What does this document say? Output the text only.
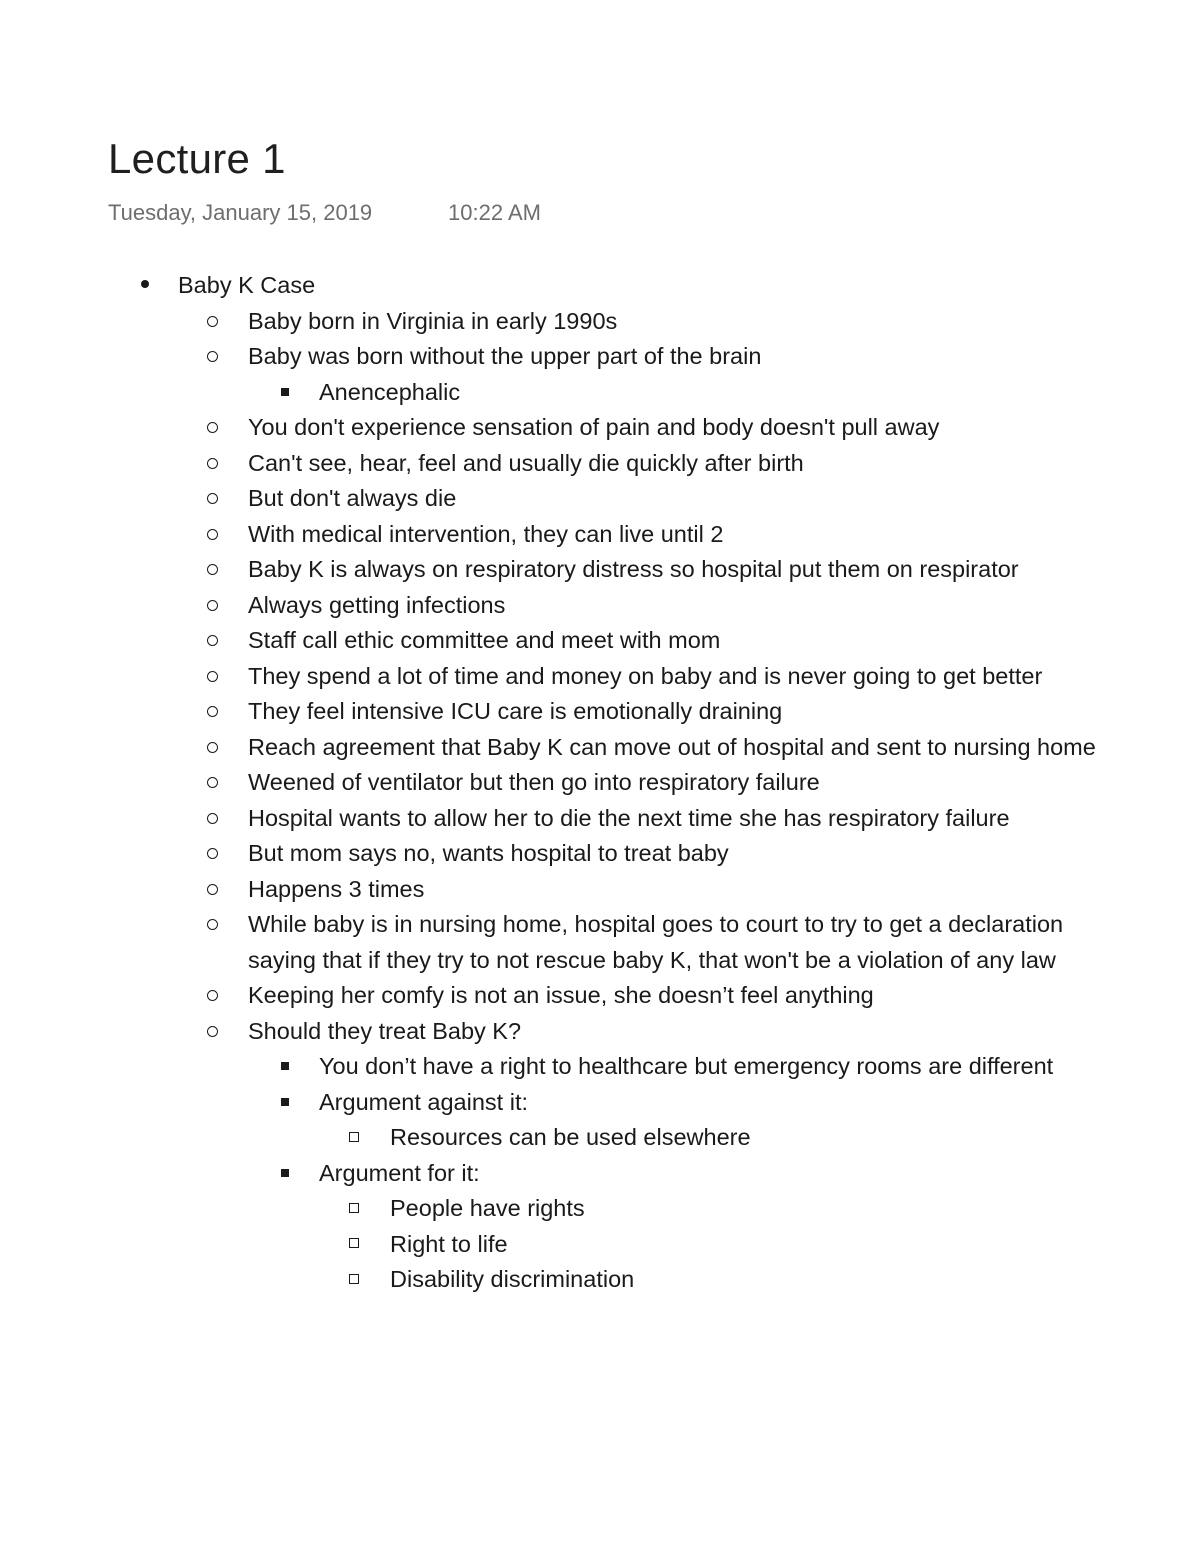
Lecture 1
Tuesday, January 15, 2019	10:22 AM
Baby K Case
Baby born in Virginia in early 1990s
Baby was born without the upper part of the brain
Anencephalic
You don't experience sensation of pain and body doesn't pull away
Can't see, hear, feel and usually die quickly after birth
But don't always die
With medical intervention, they can live until 2
Baby K is always on respiratory distress so hospital put them on respirator
Always getting infections
Staff call ethic committee and meet with mom
They spend a lot of time and money on baby and is never going to get better
They feel intensive ICU care is emotionally draining
Reach agreement that Baby K can move out of hospital and sent to nursing home
Weened of ventilator but then go into respiratory failure
Hospital wants to allow her to die the next time she has respiratory failure
But mom says no, wants hospital to treat baby
Happens 3 times
While baby is in nursing home, hospital goes to court to try to get a declaration saying that if they try to not rescue baby K, that won't be a violation of any law
Keeping her comfy is not an issue, she doesn’t feel anything
Should they treat Baby K?
You don’t have a right to healthcare but emergency rooms are different
Argument against it:
Resources can be used elsewhere
Argument for it:
People have rights
Right to life
Disability discrimination
